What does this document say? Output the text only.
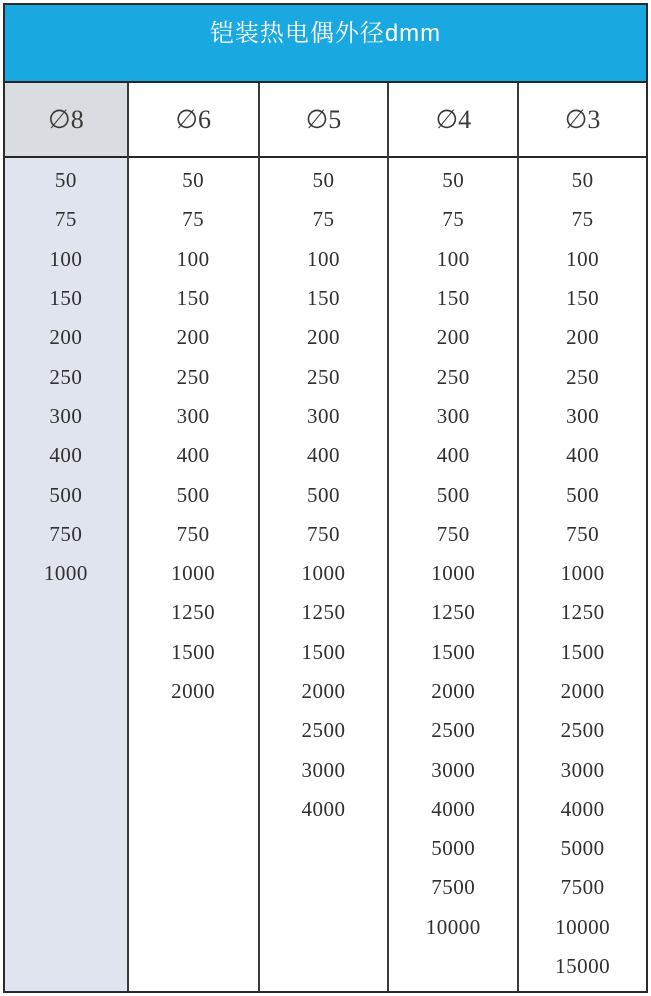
铠装热电偶外径dmm
∅8
50
75
100
150
200
250
300
400
500
750
1000
∅6
50
75
100
150
200
250
300
400
500
750
1000
1250
1500
2000
∅5
50
75
100
150
200
250
300
400
500
750
1000
1250
1500
2000
2500
3000
4000
∅4
50
75
100
150
200
250
300
400
500
750
1000
1250
1500
2000
2500
3000
4000
5000
7500
10000
∅3
50
75
100
150
200
250
300
400
500
750
1000
1250
1500
2000
2500
3000
4000
5000
7500
10000
15000
